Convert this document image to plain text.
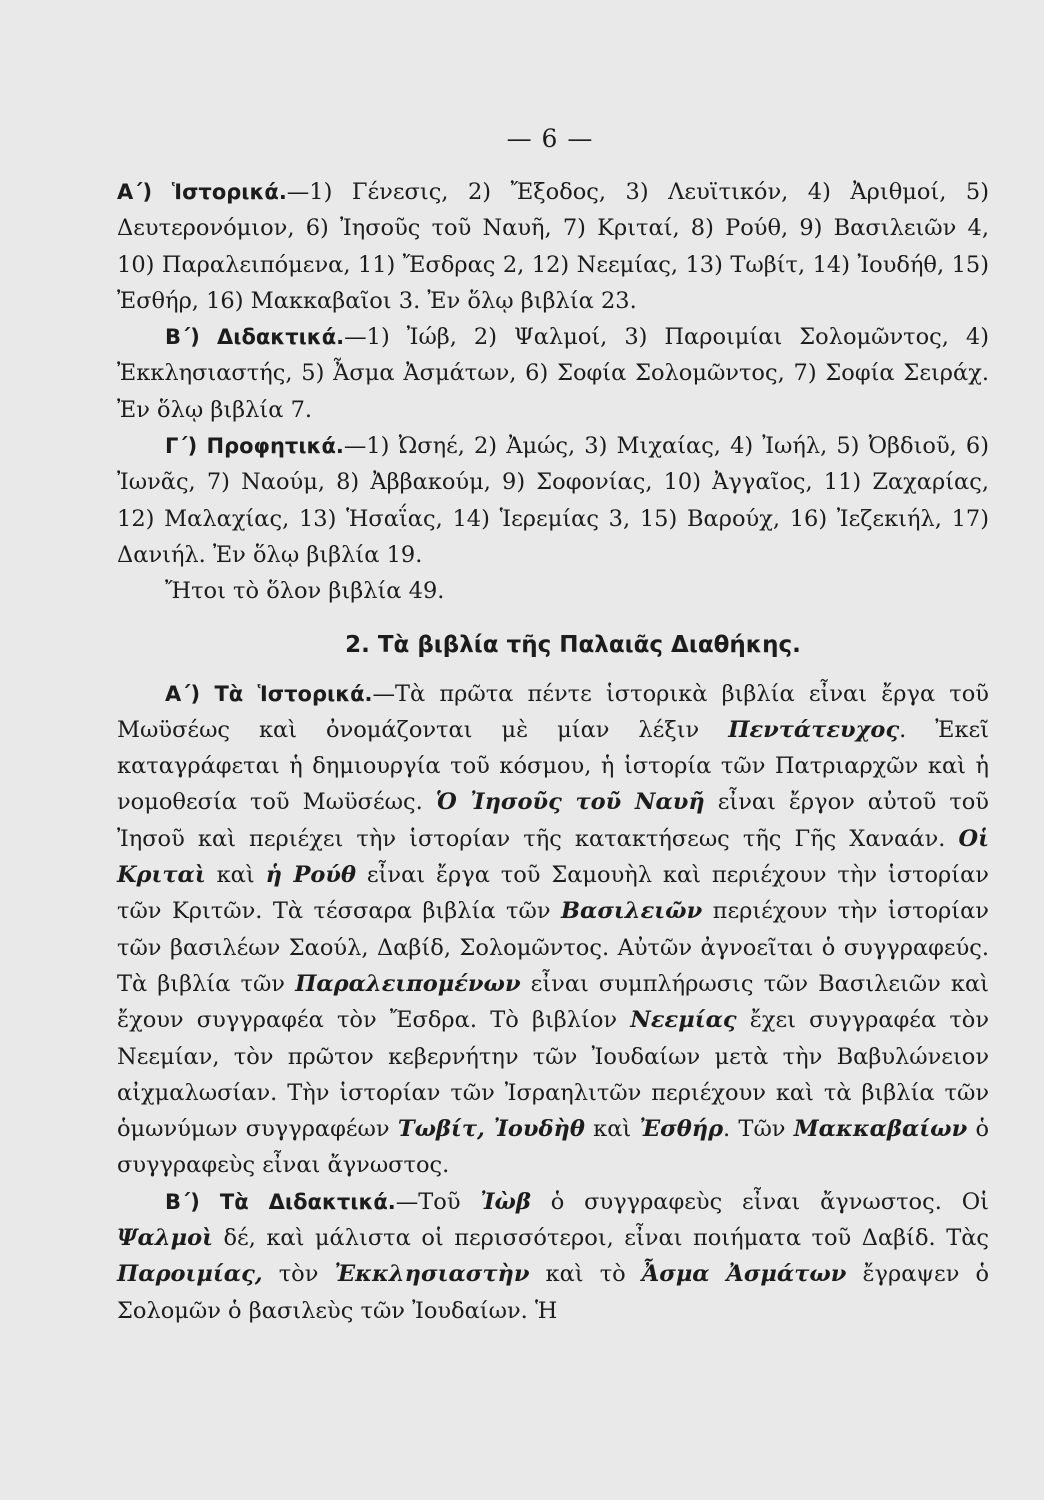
— 6 —
Α΄) Ἱστορικά.—1) Γένεσις, 2) Ἔξοδος, 3) Λευϊτικόν, 4) Ἀριθμοί, 5) Δευτερονόμιον, 6) Ἰησοῦς τοῦ Ναυῆ, 7) Κριταί, 8) Ρούθ, 9) Βασιλειῶν 4, 10) Παραλειπόμενα, 11) Ἔσδρας 2, 12) Νεεμίας, 13) Τωβίτ, 14) Ἰουδήθ, 15) Ἐσθήρ, 16) Μακκαβαῖοι 3. Ἐν ὅλῳ βιβλία 23.
Β΄) Διδακτικά.—1) Ἰώβ, 2) Ψαλμοί, 3) Παροιμίαι Σολομῶντος, 4) Ἐκκλησιαστής, 5) Ἆσμα Ἀσμάτων, 6) Σοφία Σολομῶντος, 7) Σοφία Σειράχ. Ἐν ὅλῳ βιβλία 7.
Γ΄) Προφητικά.—1) Ὠσηέ, 2) Ἀμώς, 3) Μιχαίας, 4) Ἰωήλ, 5) Ὀβδιοῦ, 6) Ἰωνᾶς, 7) Ναούμ, 8) Ἀββακούμ, 9) Σοφονίας, 10) Ἀγγαῖος, 11) Ζαχαρίας, 12) Μαλαχίας, 13) Ἡσαΐας, 14) Ἱερεμίας 3, 15) Βαρούχ, 16) Ἰεζεκιήλ, 17) Δανιήλ. Ἐν ὅλῳ βιβλία 19.
Ἤτοι τὸ ὅλον βιβλία 49.
2. Τὰ βιβλία τῆς Παλαιᾶς Διαθήκης.
Α΄) Τὰ Ἱστορικά.—Τὰ πρῶτα πέντε ἱστορικὰ βιβλία εἶναι ἔργα τοῦ Μωϋσέως καὶ ὀνομάζονται μὲ μίαν λέξιν Πεντάτευχος. Ἐκεῖ καταγράφεται ἡ δημιουργία τοῦ κόσμου, ἡ ἱστορία τῶν Πατριαρχῶν καὶ ἡ νομοθεσία τοῦ Μωϋσέως. Ὁ Ἰησοῦς τοῦ Ναυῆ εἶναι ἔργον αὐτοῦ τοῦ Ἰησοῦ καὶ περιέχει τὴν ἱστορίαν τῆς κατακτήσεως τῆς Γῆς Χαναάν. Οἱ Κριταὶ καὶ ἡ Ρούθ εἶναι ἔργα τοῦ Σαμουὴλ καὶ περιέχουν τὴν ἱστορίαν τῶν Κριτῶν. Τὰ τέσσαρα βιβλία τῶν Βασιλειῶν περιέχουν τὴν ἱστορίαν τῶν βασιλέων Σαούλ, Δαβίδ, Σολομῶντος. Αὐτῶν ἀγνοεῖται ὁ συγγραφεύς. Τὰ βιβλία τῶν Παραλειπομένων εἶναι συμπλήρωσις τῶν Βασιλειῶν καὶ ἔχουν συγγραφέα τὸν Ἔσδρα. Τὸ βιβλίον Νεεμίας ἔχει συγγραφέα τὸν Νεεμίαν, τὸν πρῶτον κεβερνήτην τῶν Ἰουδαίων μετὰ τὴν Βαβυλώνειον αἰχμαλωσίαν. Τὴν ἱστορίαν τῶν Ἰσραηλιτῶν περιέχουν καὶ τὰ βιβλία τῶν ὁμωνύμων συγγραφέων Τωβίτ, Ἰουδὴθ καὶ Ἐσθήρ. Τῶν Μακκαβαίων ὁ συγγραφεὺς εἶναι ἄγνωστος.
Β΄) Τὰ Διδακτικά.—Τοῦ Ἰὼβ ὁ συγγραφεὺς εἶναι ἄγνωστος. Οἱ Ψαλμοὶ δέ, καὶ μάλιστα οἱ περισσότεροι, εἶναι ποιήματα τοῦ Δαβίδ. Τὰς Παροιμίας, τὸν Ἐκκλησιαστὴν καὶ τὸ Ἆσμα Ἀσμάτων ἔγραψεν ὁ Σολομῶν ὁ βασιλεὺς τῶν Ἰουδαίων. Ἡ
